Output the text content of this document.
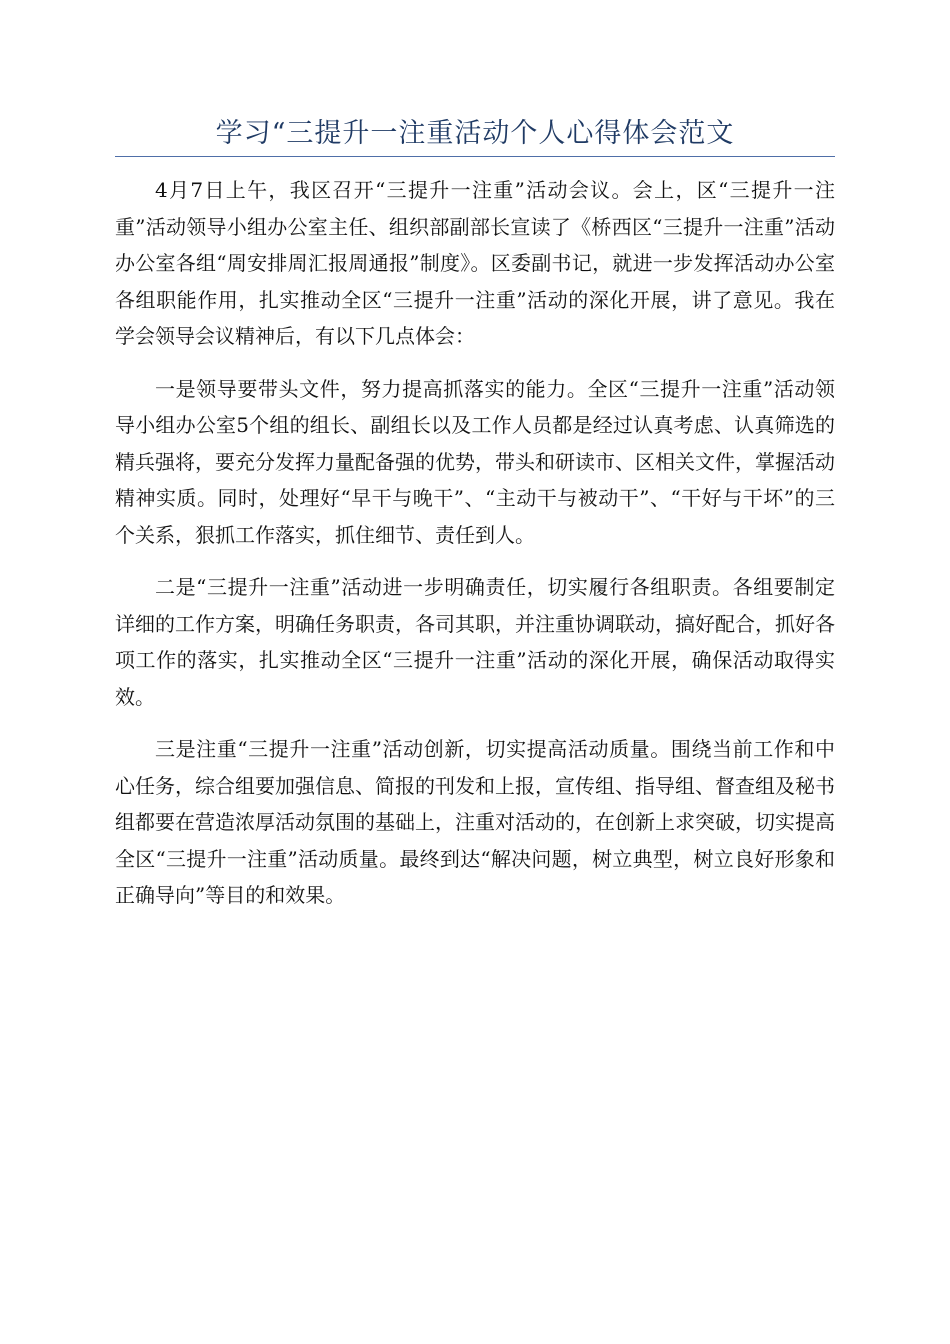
学习“三提升一注重活动个人心得体会范文

4月7日上午，我区召开“三提升一注重”活动会议。会上，区“三提升一注重”活动领导小组办公室主任、组织部副部长宣读了《桥西区“三提升一注重”活动办公室各组“周安排周汇报周通报”制度》。区委副书记，就进一步发挥活动办公室各组职能作用，扎实推动全区“三提升一注重”活动的深化开展，讲了意见。我在学会领导会议精神后，有以下几点体会：

一是领导要带头文件，努力提高抓落实的能力。全区“三提升一注重”活动领导小组办公室5个组的组长、副组长以及工作人员都是经过认真考虑、认真筛选的精兵强将，要充分发挥力量配备强的优势，带头和研读市、区相关文件，掌握活动精神实质。同时，处理好“早干与晚干”、“主动干与被动干”、“干好与干坏”的三个关系，狠抓工作落实，抓住细节、责任到人。

二是“三提升一注重”活动进一步明确责任，切实履行各组职责。各组要制定详细的工作方案，明确任务职责，各司其职，并注重协调联动，搞好配合，抓好各项工作的落实，扎实推动全区“三提升一注重”活动的深化开展，确保活动取得实效。

三是注重“三提升一注重”活动创新，切实提高活动质量。围绕当前工作和中心任务，综合组要加强信息、简报的刊发和上报，宣传组、指导组、督查组及秘书组都要在营造浓厚活动氛围的基础上，注重对活动的，在创新上求突破，切实提高全区“三提升一注重”活动质量。最终到达“解决问题，树立典型，树立良好形象和正确导向”等目的和效果。
